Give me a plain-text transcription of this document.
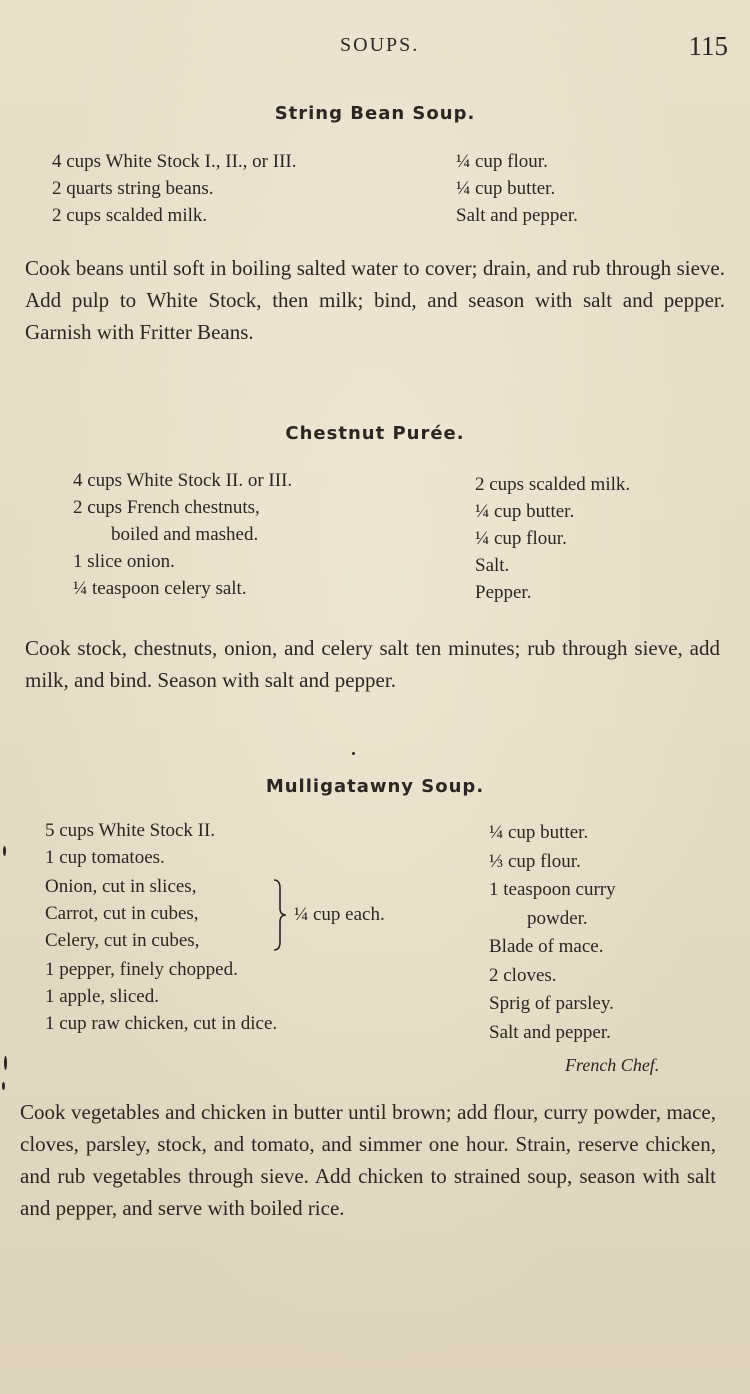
SOUPS.	115
String Bean Soup.
4 cups White Stock I., II., or III.
2 quarts string beans.
2 cups scalded milk.
¼ cup flour.
¼ cup butter.
Salt and pepper.
Cook beans until soft in boiling salted water to cover; drain, and rub through sieve. Add pulp to White Stock, then milk; bind, and season with salt and pepper. Garnish with Fritter Beans.
Chestnut Purée.
4 cups White Stock II. or III.
2 cups French chestnuts,
boiled and mashed.
1 slice onion.
¼ teaspoon celery salt.
2 cups scalded milk.
¼ cup butter.
¼ cup flour.
Salt.
Pepper.
Cook stock, chestnuts, onion, and celery salt ten minutes; rub through sieve, add milk, and bind. Season with salt and pepper.
Mulligatawny Soup.
5 cups White Stock II.
1 cup tomatoes.
Onion, cut in slices,
Carrot, cut in cubes,
Celery, cut in cubes,
¼ cup each.
1 pepper, finely chopped.
1 apple, sliced.
1 cup raw chicken, cut in dice.
¼ cup butter.
⅓ cup flour.
1 teaspoon curry
powder.
Blade of mace.
2 cloves.
Sprig of parsley.
Salt and pepper.
French Chef.
Cook vegetables and chicken in butter until brown; add flour, curry powder, mace, cloves, parsley, stock, and tomato, and simmer one hour. Strain, reserve chicken, and rub vegetables through sieve. Add chicken to strained soup, season with salt and pepper, and serve with boiled rice.
